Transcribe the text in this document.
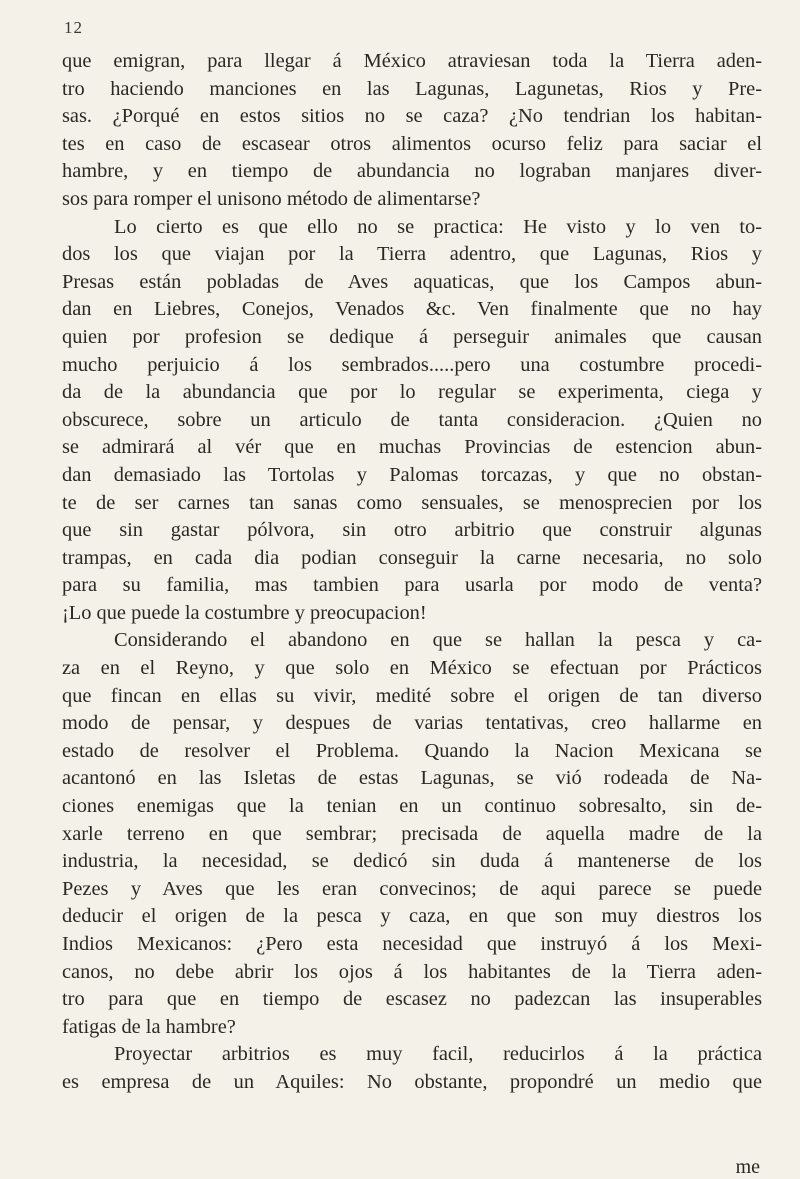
12
que emigran, para llegar á México atraviesan toda la Tierra aden-
tro haciendo manciones en las Lagunas, Lagunetas, Rios y Pre-
sas. ¿Porqué en estos sitios no se caza? ¿No tendrian los habitan-
tes en caso de escasear otros alimentos ocurso feliz para saciar el
hambre, y en tiempo de abundancia no lograban manjares diver-
sos para romper el unisono método de alimentarse?
Lo cierto es que ello no se practica: He visto y lo ven to-
dos los que viajan por la Tierra adentro, que Lagunas, Rios y
Presas están pobladas de Aves aquaticas, que los Campos abun-
dan en Liebres, Conejos, Venados &c. Ven finalmente que no hay
quien por profesion se dedique á perseguir animales que causan
mucho perjuicio á los sembrados.....pero una costumbre procedi-
da de la abundancia que por lo regular se experimenta, ciega y
obscurece, sobre un articulo de tanta consideracion. ¿Quien no
se admirará al vér que en muchas Provincias de estencion abun-
dan demasiado las Tortolas y Palomas torcazas, y que no obstan-
te de ser carnes tan sanas como sensuales, se menosprecien por los
que sin gastar pólvora, sin otro arbitrio que construir algunas
trampas, en cada dia podian conseguir la carne necesaria, no solo
para su familia, mas tambien para usarla por modo de venta?
¡Lo que puede la costumbre y preocupacion!
Considerando el abandono en que se hallan la pesca y ca-
za en el Reyno, y que solo en México se efectuan por Prácticos
que fincan en ellas su vivir, medité sobre el origen de tan diverso
modo de pensar, y despues de varias tentativas, creo hallarme en
estado de resolver el Problema. Quando la Nacion Mexicana se
acantonó en las Isletas de estas Lagunas, se vió rodeada de Na-
ciones enemigas que la tenian en un continuo sobresalto, sin de-
xarle terreno en que sembrar; precisada de aquella madre de la
industria, la necesidad, se dedicó sin duda á mantenerse de los
Pezes y Aves que les eran convecinos; de aqui parece se puede
deducir el origen de la pesca y caza, en que son muy diestros los
Indios Mexicanos: ¿Pero esta necesidad que instruyó á los Mexi-
canos, no debe abrir los ojos á los habitantes de la Tierra aden-
tro para que en tiempo de escasez no padezcan las insuperables
fatigas de la hambre?
Proyectar arbitrios es muy facil, reducirlos á la práctica
es empresa de un Aquiles: No obstante, propondré un medio que
me
